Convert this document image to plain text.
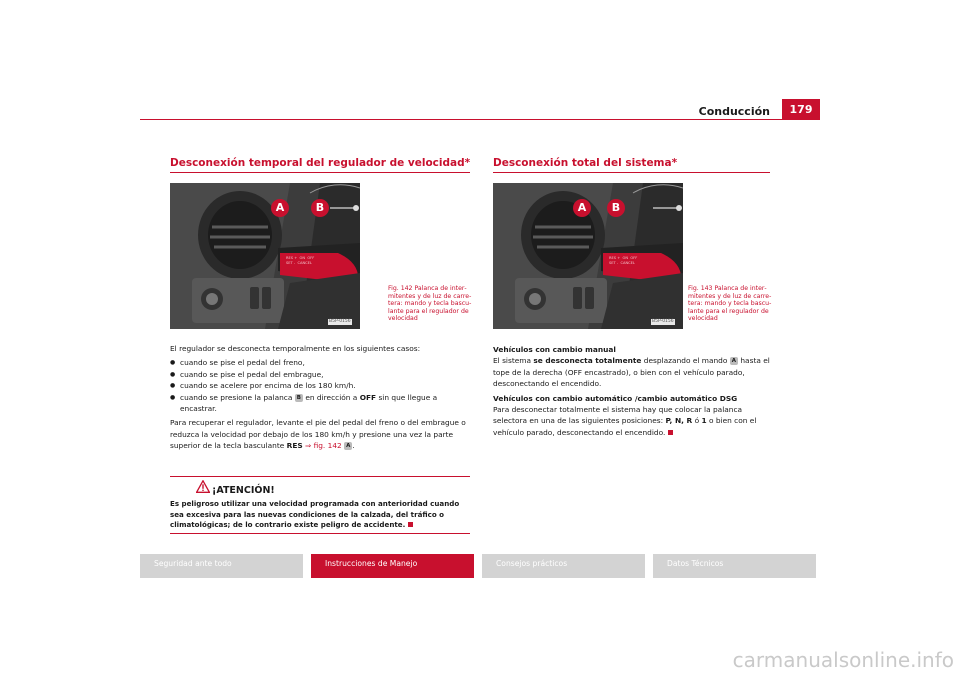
Conducción	179
Desconexión temporal del regulador de velocidad*
A	B
RES + ON OFF
SET - CANCEL
B5P-0156
Fig. 142 Palanca de intermitentes y de luz de carretera: mando y tecla basculante para el regulador de velocidad

El regulador se desconecta temporalmente en los siguientes casos:

● cuando se pise el pedal del freno,
● cuando se pise el pedal del embrague,
● cuando se acelere por encima de los 180 km/h.
● cuando se presione la palanca B en dirección a OFF sin que llegue a encastrar.

Para recuperar el regulador, levante el pie del pedal del freno o del embrague o reduzca la velocidad por debajo de los 180 km/h y presione una vez la parte superior de la tecla basculante RES ⇒ fig. 142 A .

¡ATENCIÓN!
Es peligroso utilizar una velocidad programada con anterioridad cuando sea excesiva para las nuevas condiciones de la calzada, del tráfico o climatológicas; de lo contrario existe peligro de accidente.
Desconexión total del sistema*
A	B
RES + ON OFF
SET - CANCEL
B5P-0156
Fig. 143 Palanca de intermitentes y de luz de carretera: mando y tecla basculante para el regulador de velocidad
Vehículos con cambio manual

El sistema se desconecta totalmente desplazando el mando A hasta el tope de la derecha (OFF encastrado), o bien con el vehículo parado, desconectando el encendido.

Vehículos con cambio automático /cambio automático DSG

Para desconectar totalmente el sistema hay que colocar la palanca selectora en una de las siguientes posiciones: P, N, R ó 1 o bien con el vehículo parado, desconectando el encendido.

Seguridad ante todo	Instrucciones de Manejo	Consejos prácticos	Datos Técnicos
carmanualsonline.info
